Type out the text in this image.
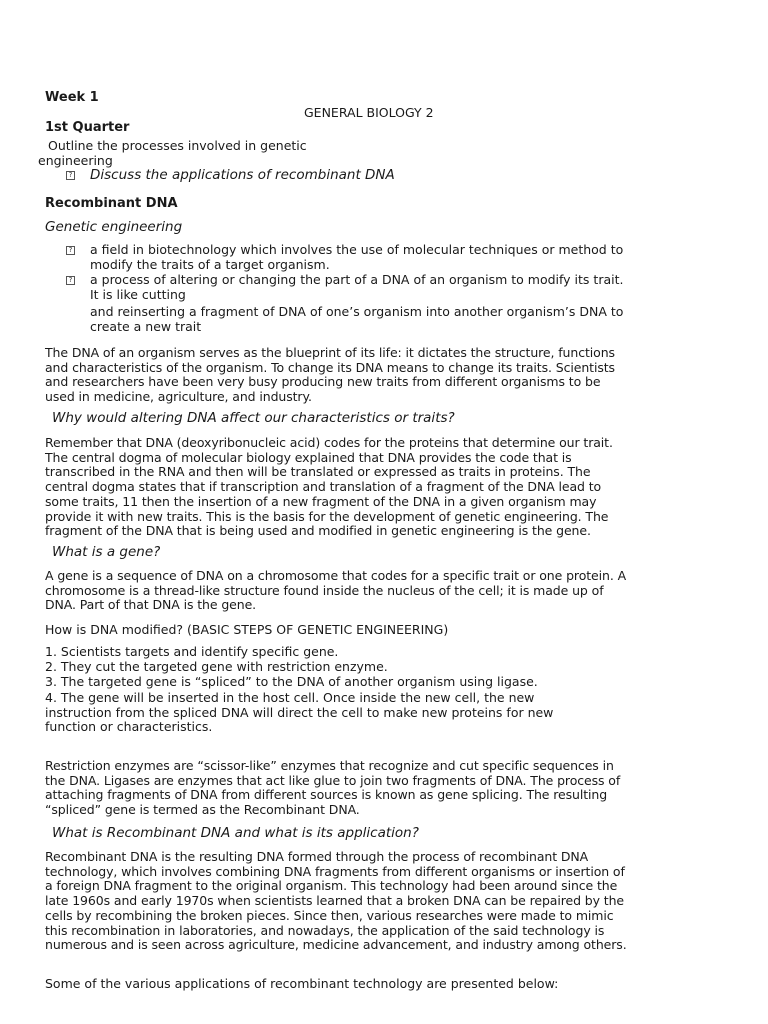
Week 1

GENERAL BIOLOGY 2

1st Quarter

Outline the processes involved in genetic

engineering

? Discuss the applications of recombinant DNA

Recombinant DNA

Genetic engineering

? a field in biotechnology which involves the use of molecular techniques or method to modify the traits of a target organism.

? a process of altering or changing the part of a DNA of an organism to modify its trait. It is like cutting

and reinserting a fragment of DNA of one’s organism into another organism’s DNA to create a new trait

The DNA of an organism serves as the blueprint of its life: it dictates the structure, functions and characteristics of the organism. To change its DNA means to change its traits. Scientists and researchers have been very busy producing new traits from different organisms to be used in medicine, agriculture, and industry.

Why would altering DNA affect our characteristics or traits?

Remember that DNA (deoxyribonucleic acid) codes for the proteins that determine our trait. The central dogma of molecular biology explained that DNA provides the code that is transcribed in the RNA and then will be translated or expressed as traits in proteins. The central dogma states that if transcription and translation of a fragment of the DNA lead to some traits, 11 then the insertion of a new fragment of the DNA in a given organism may provide it with new traits. This is the basis for the development of genetic engineering. The fragment of the DNA that is being used and modified in genetic engineering is the gene.

What is a gene?

A gene is a sequence of DNA on a chromosome that codes for a specific trait or one protein. A chromosome is a thread-like structure found inside the nucleus of the cell; it is made up of DNA. Part of that DNA is the gene.

How is DNA modified? (BASIC STEPS OF GENETIC ENGINEERING)

1. Scientists targets and identify specific gene.

2. They cut the targeted gene with restriction enzyme.

3. The targeted gene is “spliced” to the DNA of another organism using ligase.

4. The gene will be inserted in the host cell. Once inside the new cell, the new instruction from the spliced DNA will direct the cell to make new proteins for new function or characteristics.

Restriction enzymes are “scissor-like” enzymes that recognize and cut specific sequences in the DNA. Ligases are enzymes that act like glue to join two fragments of DNA. The process of attaching fragments of DNA from different sources is known as gene splicing. The resulting “spliced” gene is termed as the Recombinant DNA.

What is Recombinant DNA and what is its application?

Recombinant DNA is the resulting DNA formed through the process of recombinant DNA technology, which involves combining DNA fragments from different organisms or insertion of a foreign DNA fragment to the original organism. This technology had been around since the late 1960s and early 1970s when scientists learned that a broken DNA can be repaired by the cells by recombining the broken pieces. Since then, various researches were made to mimic this recombination in laboratories, and nowadays, the application of the said technology is numerous and is seen across agriculture, medicine advancement, and industry among others.

Some of the various applications of recombinant technology are presented below:
